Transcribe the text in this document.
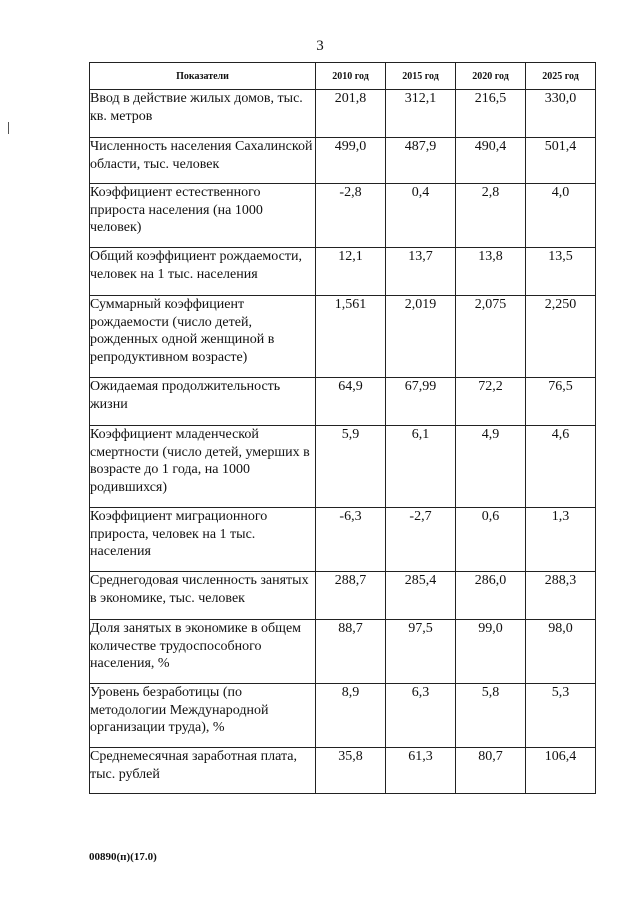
3
Показатели	2010 год	2015 год	2020 год	2025 год
Ввод в действие жилых домов, тыс. кв. метров	201,8	312,1	216,5	330,0
Численность населения Сахалинской области, тыс. человек	499,0	487,9	490,4	501,4
Коэффициент естественного прироста населения (на 1000 человек)	-2,8	0,4	2,8	4,0
Общий коэффициент рождаемости, человек на 1 тыс. населения	12,1	13,7	13,8	13,5
Суммарный коэффициент рождаемости (число детей, рожденных одной женщиной в репродуктивном возрасте)	1,561	2,019	2,075	2,250
Ожидаемая продолжительность жизни	64,9	67,99	72,2	76,5
Коэффициент младенческой смертности (число детей, умерших в возрасте до 1 года, на 1000 родившихся)	5,9	6,1	4,9	4,6
Коэффициент миграционного прироста, человек на 1 тыс. населения	-6,3	-2,7	0,6	1,3
Среднегодовая численность занятых в экономике, тыс. человек	288,7	285,4	286,0	288,3
Доля занятых в экономике в общем количестве трудоспособного населения, %	88,7	97,5	99,0	98,0
Уровень безработицы (по методологии Международной организации труда), %	8,9	6,3	5,8	5,3
Среднемесячная заработная плата, тыс. рублей	35,8	61,3	80,7	106,4
00890(п)(17.0)
